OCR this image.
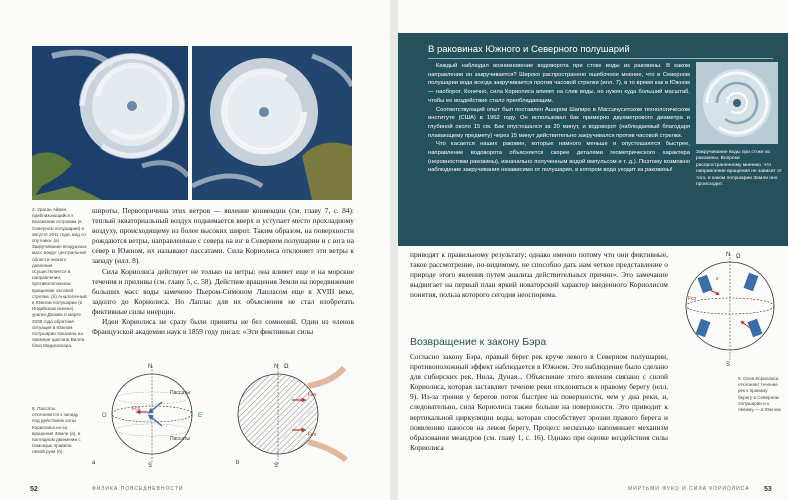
3. Ураган Айрин, приближающийся к Багамским островам (в Северном полушарии) в августе 2011 года, вид со спутника. (а) Закручивание воздушных масс вокруг центральной области низкого давления осуществляется в направлении, противоположном вращению часовой стрелки. (б) Аналогичный в Южном полушарии (в Индийском океане) ураган Джокве в марте 2008 года обратная ситуация в Южном полушарии показана на примере циклона Вилли близ Мадагаскара.

широты. Первопричина этих ветров — явление конвекции (см. главу 7, с. 84): теплый экваториальный воздух поднимается вверх и уступает место прохладному воздуху, происходящему из более высоких широт. Таким образом, на поверхности рождаются ветры, направленные с севера на юг в Северном полушарии и с юга на север в Южном, их называют пассатами. Сила Кориолиса отклоняет эти ветры к западу (илл. 8).

Сила Кориолиса действует не только на ветры: она влияет еще и на морские течения и приливы (см. главу 5, с. 58). Действие вращения Земли на передвижение больших масс воды замечено Пьером-Симоном Лапласом еще в XVIII веке, задолго до Кориолиса. Но Лаплас для их объяснения не стал изобретать фиктивные силы инерции.

Идеи Кориолиса не сразу были приняты не без сомнений. Один из членов Французской академии наук в 1859 году писал: «Эти фиктивные силы

8. Пассаты отклоняются к западу под действием силы Кориолиса из-за вращения Земли (а), в наглядном движении с помощью правила левой руки (б).
N
S
O	E
Пассаты
Пассаты
Fco
a
N Ω
S
Fco
Fco
b
52	ФИЗИКА ПОВСЕДНЕВНОСТИ
В раковинах Южного и Северного полушарий

Каждый наблюдал возникновение водоворота при стоке воды из раковины. В каком направлении он закручивается? Широко распространено ошибочное мнение, что в Северном полушарии вода всегда закручивается против часовой стрелки (илл. 7), в то время как в Южном — наоборот. Конечно, сила Кориолиса влияет на слив воды, но нужен куда больший масштаб, чтобы ее воздействие стало преобладающим.

Соответствующий опыт был поставлен Ашером Шапиро в Массачусетском технологическом институте (США) в 1962 году. Он использовал бак примерно двухметрового диаметра и глубиной около 15 см. Бак опустошался за 20 минут, и водоворот (наблюдаемый благодаря плавающему предмету) через 15 минут действительно закручивался против часовой стрелки.

Что касается наших раковин, которые намного меньше и опустошаются быстрее, направление водоворота объясняется скорее деталями геометрического характера (неровностями раковины), изначально полученным водой импульсом и т. д.). Поэтому возможно наблюдение закручивания независимо от полушария, в котором вода уходит из раковины!

Закручивание воды при стоке из раковины. Вопреки распространенному мнению, что направление вращения не зависит от того, в каком полушарии Земли оно происходит.

приводят к правильному результату; однако именно потому что они фиктивные, такое рассмотрение, по-видимому, не способно дать нам четкое представление о природе этого явления путем анализа действительных причин». Это замечание выдвигает на первый план яркий новаторский характер введенного Кориолисом понятия, польза которого сегодня неоспорима.

Возвращение к закону Бэра

Согласно закону Бэра, правый берег рек круче левого в Северном полушарии, противоположный эффект наблюдается в Южном. Это наблюдение было сделано для сибирских рек, Нила, Дуная... Объяснение этого явления связано с силой Кориолиса, которая заставляет течение реки отклоняться к правому берегу (илл. 9). Из-за трения у берегов поток быстрее на поверхности, чем у дна реки, и, следовательно, сила Кориолиса также больше на поверхности. Это приводит к вертикальной циркуляции воды, которая способствует эрозии правого берега и появлению наносов на левом берегу. Процесс несколько напоминает механизм образования меандров (см. главу 1, с. 16). Однако при оценке воздействия силы Кориолиса

N Ω
S
v
Fco
9. Сила Кориолиса отклоняет течение рек к правому берегу в Северном полушарии и к левому — в Южном.
МИРТЬМИ ФУКО И СИЛА КОРИОЛИСА 53
